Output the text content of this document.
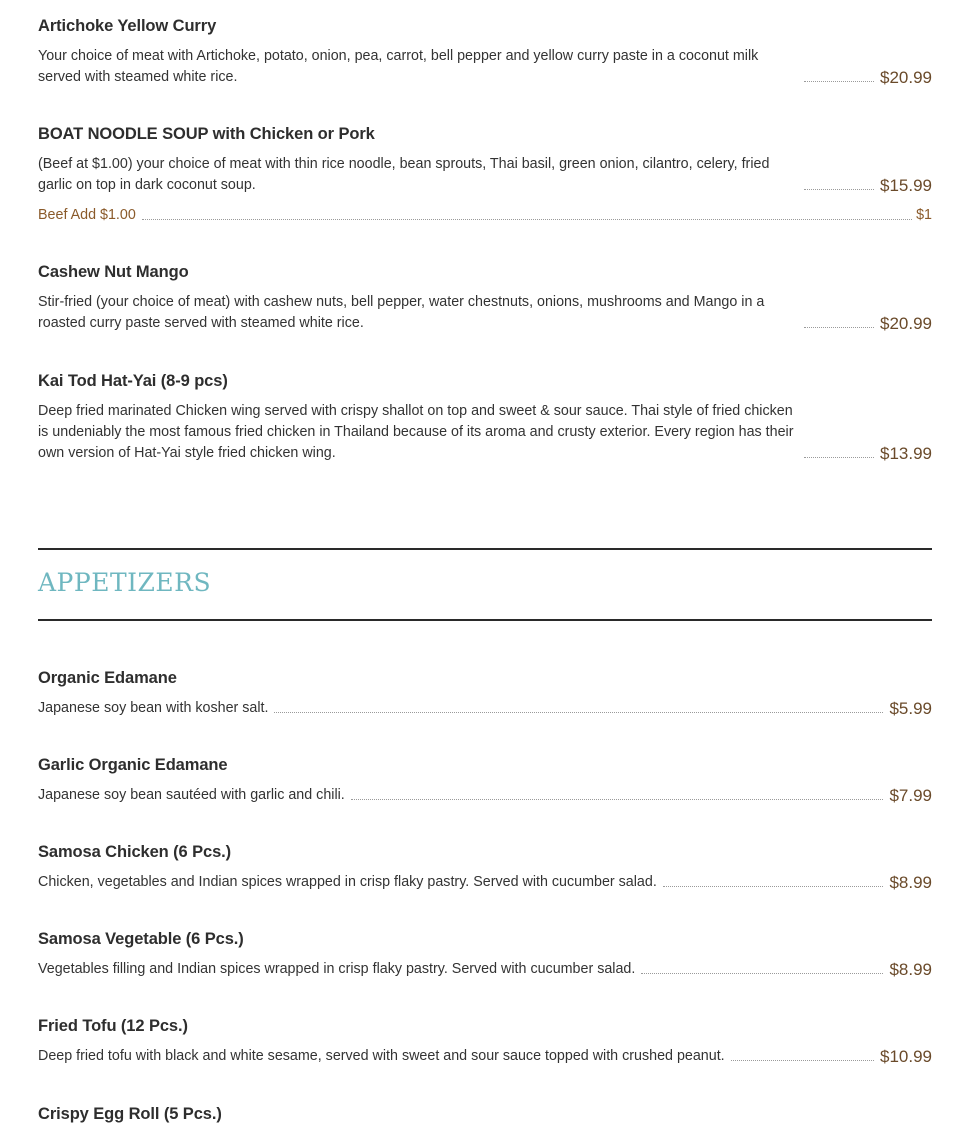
Artichoke Yellow Curry
Your choice of meat with Artichoke, potato, onion, pea, carrot, bell pepper and yellow curry paste in a coconut milk served with steamed white rice.	$20.99
BOAT NOODLE SOUP with Chicken or Pork
(Beef at $1.00) your choice of meat with thin rice noodle, bean sprouts, Thai basil, green onion, cilantro, celery, fried garlic on top in dark coconut soup.	$15.99
Beef Add $1.00	$1
Cashew Nut Mango
Stir-fried (your choice of meat) with cashew nuts, bell pepper, water chestnuts, onions, mushrooms and Mango in a roasted curry paste served with steamed white rice.	$20.99
Kai Tod Hat-Yai (8-9 pcs)
Deep fried marinated Chicken wing served with crispy shallot on top and sweet & sour sauce. Thai style of fried chicken is undeniably the most famous fried chicken in Thailand because of its aroma and crusty exterior. Every region has their own version of Hat-Yai style fried chicken wing.	$13.99
APPETIZERS
Organic Edamane
Japanese soy bean with kosher salt.	$5.99
Garlic Organic Edamane
Japanese soy bean sautéed with garlic and chili.	$7.99
Samosa Chicken (6 Pcs.)
Chicken, vegetables and Indian spices wrapped in crisp flaky pastry. Served with cucumber salad.	$8.99
Samosa Vegetable (6 Pcs.)
Vegetables filling and Indian spices wrapped in crisp flaky pastry. Served with cucumber salad.	$8.99
Fried Tofu (12 Pcs.)
Deep fried tofu with black and white sesame, served with sweet and sour sauce topped with crushed peanut.	$10.99
Crispy Egg Roll (5 Pcs.)
